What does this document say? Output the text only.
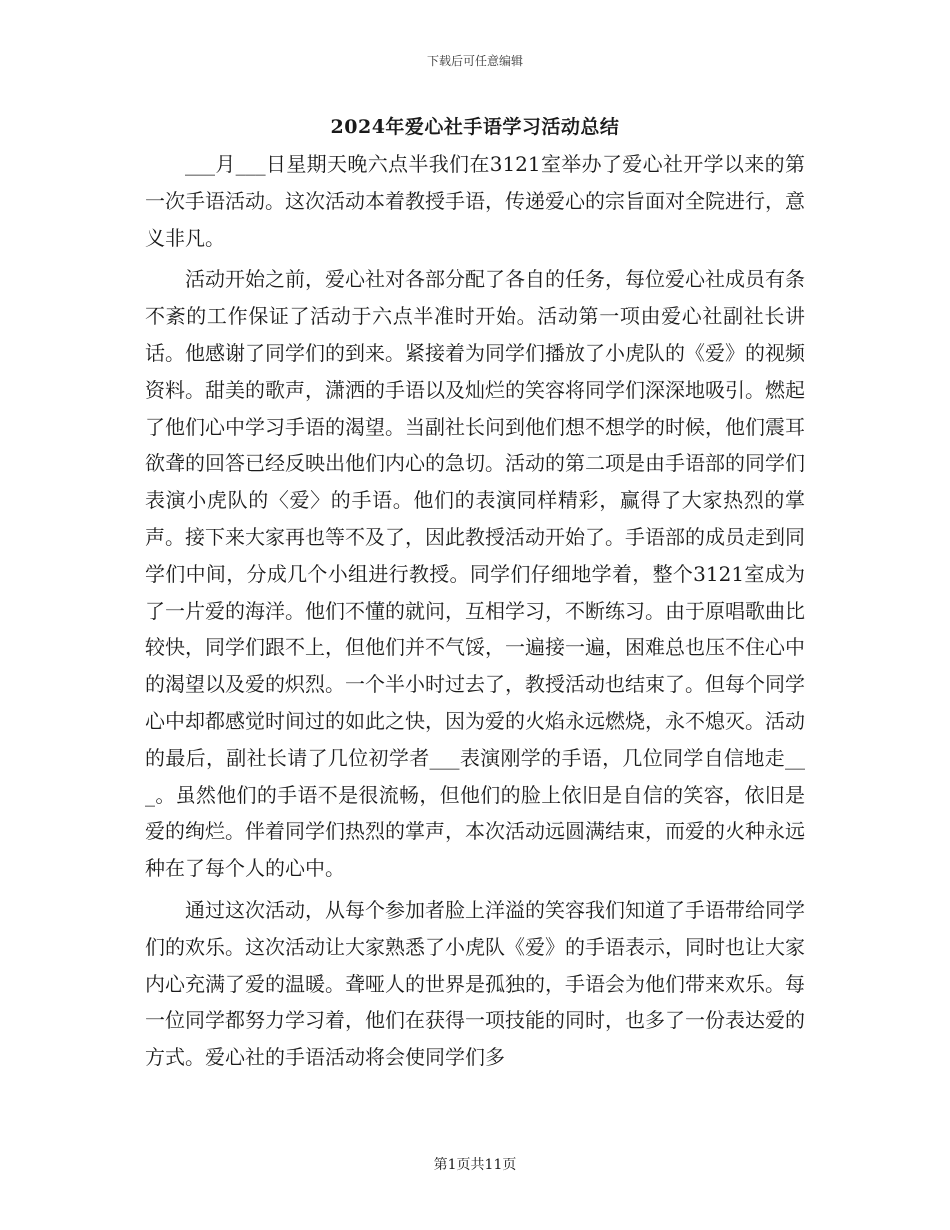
下载后可任意编辑
2024年爱心社手语学习活动总结

___月___日星期天晚六点半我们在3121室举办了爱心社开学以来的第一次手语活动。这次活动本着教授手语，传递爱心的宗旨面对全院进行，意义非凡。

活动开始之前，爱心社对各部分配了各自的任务，每位爱心社成员有条不紊的工作保证了活动于六点半准时开始。活动第一项由爱心社副社长讲话。他感谢了同学们的到来。紧接着为同学们播放了小虎队的《爱》的视频资料。甜美的歌声，潇洒的手语以及灿烂的笑容将同学们深深地吸引。燃起了他们心中学习手语的渴望。当副社长问到他们想不想学的时候，他们震耳欲聋的回答已经反映出他们内心的急切。活动的第二项是由手语部的同学们表演小虎队的〈爱〉的手语。他们的表演同样精彩，赢得了大家热烈的掌声。接下来大家再也等不及了，因此教授活动开始了。手语部的成员走到同学们中间，分成几个小组进行教授。同学们仔细地学着，整个3121室成为了一片爱的海洋。他们不懂的就问，互相学习，不断练习。由于原唱歌曲比较快，同学们跟不上，但他们并不气馁，一遍接一遍，困难总也压不住心中的渴望以及爱的炽烈。一个半小时过去了，教授活动也结束了。但每个同学心中却都感觉时间过的如此之快，因为爱的火焰永远燃烧，永不熄灭。活动的最后，副社长请了几位初学者___表演刚学的手语，几位同学自信地走___。虽然他们的手语不是很流畅，但他们的脸上依旧是自信的笑容，依旧是爱的绚烂。伴着同学们热烈的掌声，本次活动远圆满结束，而爱的火种永远种在了每个人的心中。

通过这次活动，从每个参加者脸上洋溢的笑容我们知道了手语带给同学们的欢乐。这次活动让大家熟悉了小虎队《爱》的手语表示，同时也让大家内心充满了爱的温暖。聋哑人的世界是孤独的，手语会为他们带来欢乐。每一位同学都努力学习着，他们在获得一项技能的同时，也多了一份表达爱的方式。爱心社的手语活动将会使同学们多

第1页共11页
